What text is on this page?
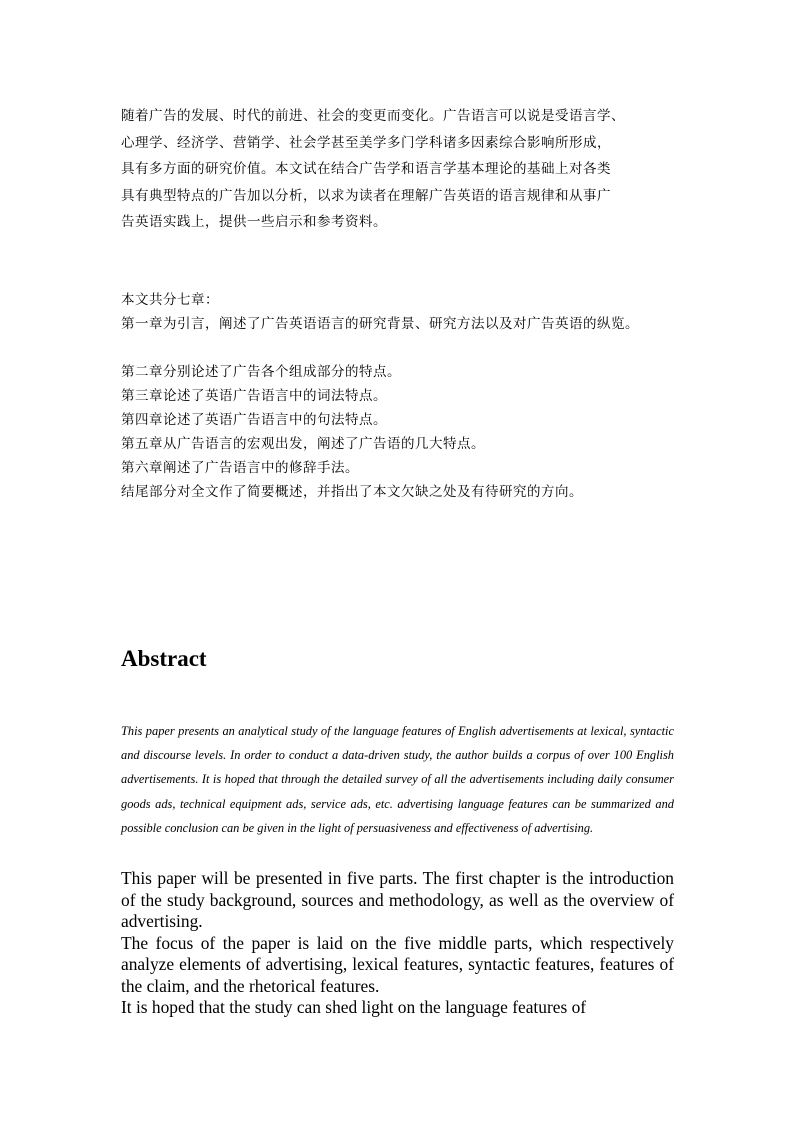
随着广告的发展、时代的前进、社会的变更而变化。广告语言可以说是受语言学、
心理学、经济学、营销学、社会学甚至美学多门学科诸多因素综合影响所形成，
具有多方面的研究价值。本文试在结合广告学和语言学基本理论的基础上对各类
具有典型特点的广告加以分析，以求为读者在理解广告英语的语言规律和从事广
告英语实践上，提供一些启示和参考资料。
本文共分七章：
第一章为引言，阐述了广告英语语言的研究背景、研究方法以及对广告英语的纵览。
第二章分别论述了广告各个组成部分的特点。
第三章论述了英语广告语言中的词法特点。
第四章论述了英语广告语言中的句法特点。
第五章从广告语言的宏观出发，阐述了广告语的几大特点。
第六章阐述了广告语言中的修辞手法。
结尾部分对全文作了简要概述，并指出了本文欠缺之处及有待研究的方向。
Abstract

This paper presents an analytical study of the language features of English advertisements at lexical, syntactic and discourse levels. In order to conduct a data-driven study, the author builds a corpus of over 100 English advertisements. It is hoped that through the detailed survey of all the advertisements including daily consumer goods ads, technical equipment ads, service ads, etc. advertising language features can be summarized and possible conclusion can be given in the light of persuasiveness and effectiveness of advertising.

This paper will be presented in five parts. The first chapter is the introduction of the study background, sources and methodology, as well as the overview of advertising.

The focus of the paper is laid on the five middle parts, which respectively analyze elements of advertising, lexical features, syntactic features, features of the claim, and the rhetorical features.

It is hoped that the study can shed light on the language features of
